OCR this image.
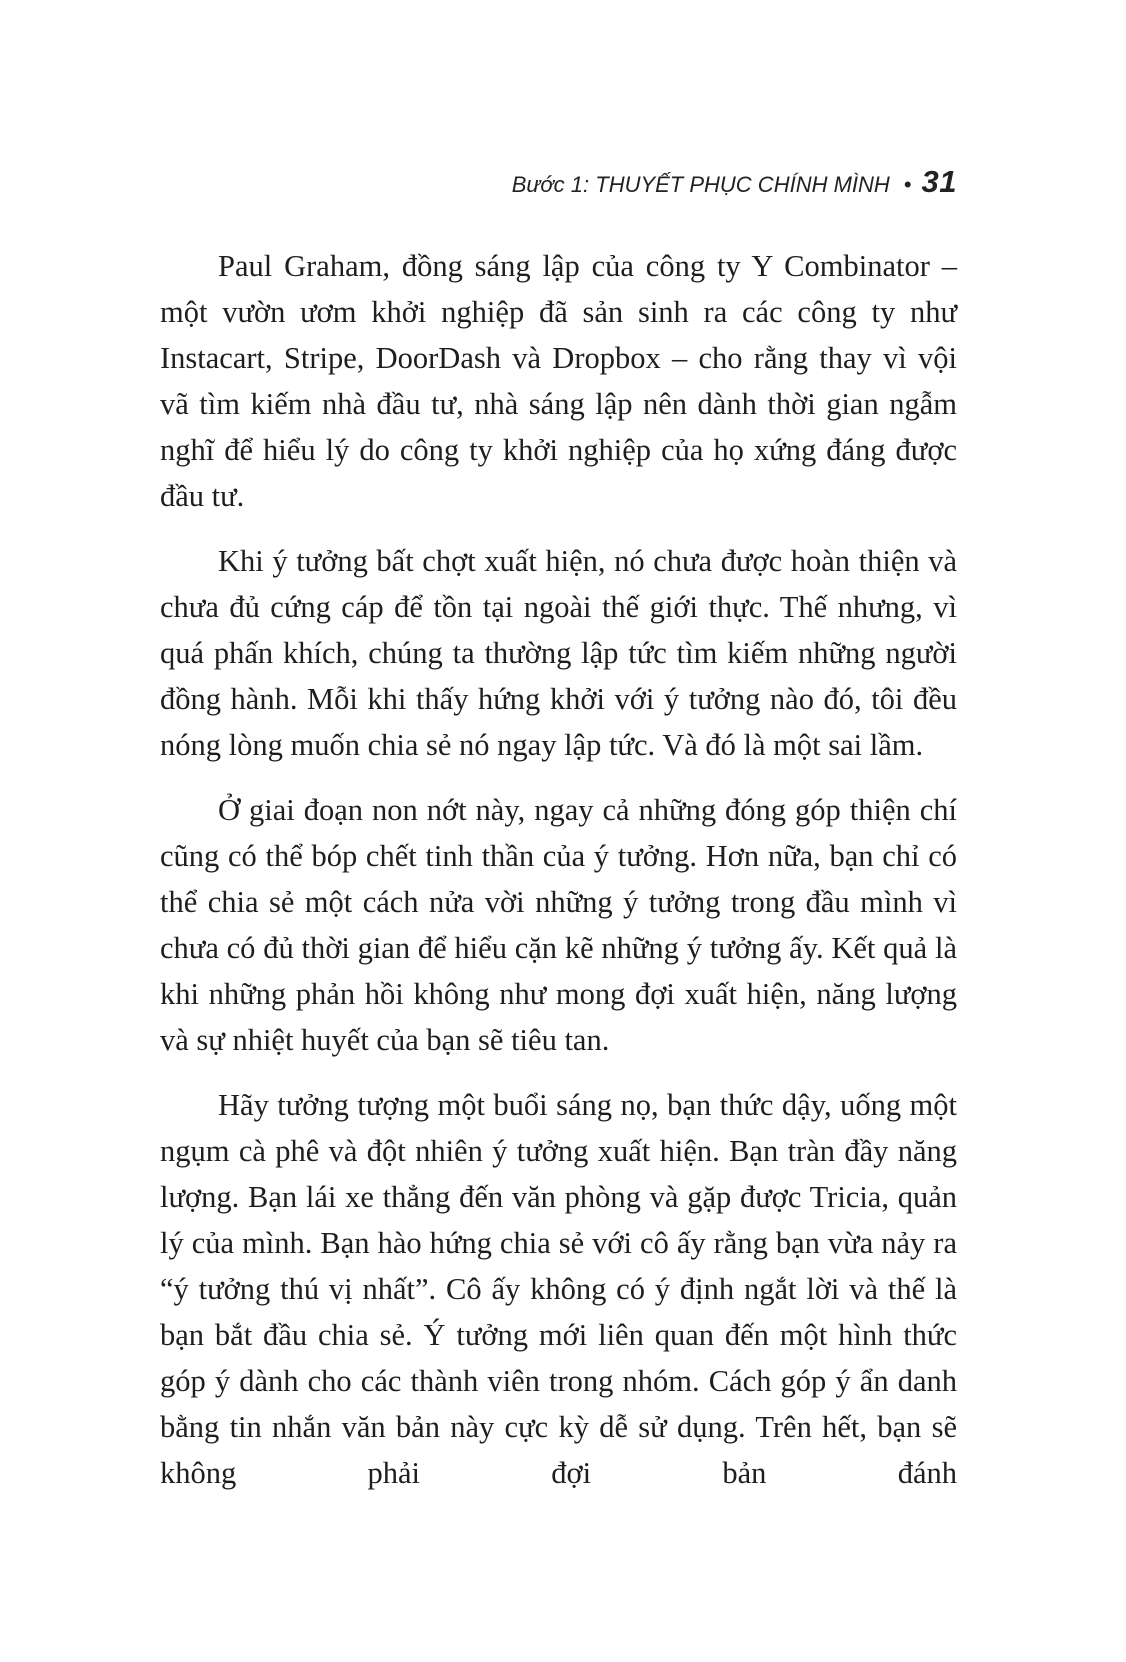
Bước 1: THUYẾT PHỤC CHÍNH MÌNH • 31

Paul Graham, đồng sáng lập của công ty Y Combinator – một vườn ươm khởi nghiệp đã sản sinh ra các công ty như Instacart, Stripe, DoorDash và Dropbox – cho rằng thay vì vội vã tìm kiếm nhà đầu tư, nhà sáng lập nên dành thời gian ngẫm nghĩ để hiểu lý do công ty khởi nghiệp của họ xứng đáng được đầu tư.

Khi ý tưởng bất chợt xuất hiện, nó chưa được hoàn thiện và chưa đủ cứng cáp để tồn tại ngoài thế giới thực. Thế nhưng, vì quá phấn khích, chúng ta thường lập tức tìm kiếm những người đồng hành. Mỗi khi thấy hứng khởi với ý tưởng nào đó, tôi đều nóng lòng muốn chia sẻ nó ngay lập tức. Và đó là một sai lầm.

Ở giai đoạn non nớt này, ngay cả những đóng góp thiện chí cũng có thể bóp chết tinh thần của ý tưởng. Hơn nữa, bạn chỉ có thể chia sẻ một cách nửa vời những ý tưởng trong đầu mình vì chưa có đủ thời gian để hiểu cặn kẽ những ý tưởng ấy. Kết quả là khi những phản hồi không như mong đợi xuất hiện, năng lượng và sự nhiệt huyết của bạn sẽ tiêu tan.

Hãy tưởng tượng một buổi sáng nọ, bạn thức dậy, uống một ngụm cà phê và đột nhiên ý tưởng xuất hiện. Bạn tràn đầy năng lượng. Bạn lái xe thẳng đến văn phòng và gặp được Tricia, quản lý của mình. Bạn hào hứng chia sẻ với cô ấy rằng bạn vừa nảy ra “ý tưởng thú vị nhất”. Cô ấy không có ý định ngắt lời và thế là bạn bắt đầu chia sẻ. Ý tưởng mới liên quan đến một hình thức góp ý dành cho các thành viên trong nhóm. Cách góp ý ẩn danh bằng tin nhắn văn bản này cực kỳ dễ sử dụng. Trên hết, bạn sẽ không phải đợi bản đánh
